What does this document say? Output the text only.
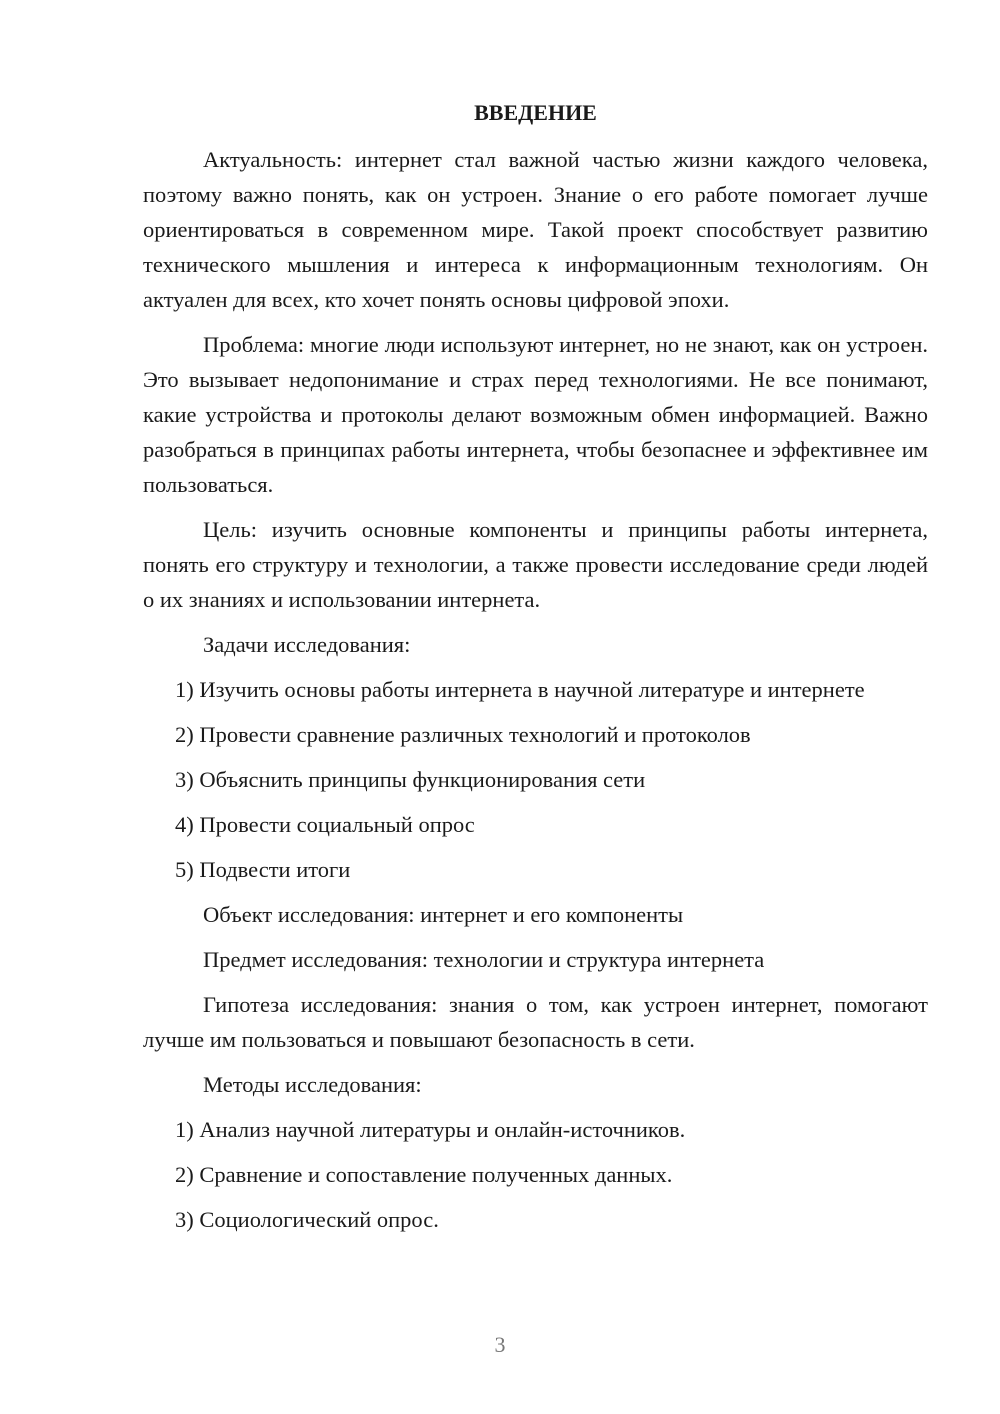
ВВЕДЕНИЕ

Актуальность: интернет стал важной частью жизни каждого человека, поэтому важно понять, как он устроен. Знание о его работе помогает лучше ориентироваться в современном мире. Такой проект способствует развитию технического мышления и интереса к информационным технологиям. Он актуален для всех, кто хочет понять основы цифровой эпохи.

Проблема: многие люди используют интернет, но не знают, как он устроен. Это вызывает недопонимание и страх перед технологиями. Не все понимают, какие устройства и протоколы делают возможным обмен информацией. Важно разобраться в принципах работы интернета, чтобы безопаснее и эффективнее им пользоваться.

Цель: изучить основные компоненты и принципы работы интернета, понять его структуру и технологии, а также провести исследование среди людей о их знаниях и использовании интернета.

Задачи исследования:

1) Изучить основы работы интернета в научной литературе и интернете

2) Провести сравнение различных технологий и протоколов

3) Объяснить принципы функционирования сети

4) Провести социальный опрос

5) Подвести итоги

Объект исследования: интернет и его компоненты

Предмет исследования: технологии и структура интернета

Гипотеза исследования: знания о том, как устроен интернет, помогают лучше им пользоваться и повышают безопасность в сети.

Методы исследования:

1) Анализ научной литературы и онлайн-источников.

2) Сравнение и сопоставление полученных данных.

3) Социологический опрос.

3
